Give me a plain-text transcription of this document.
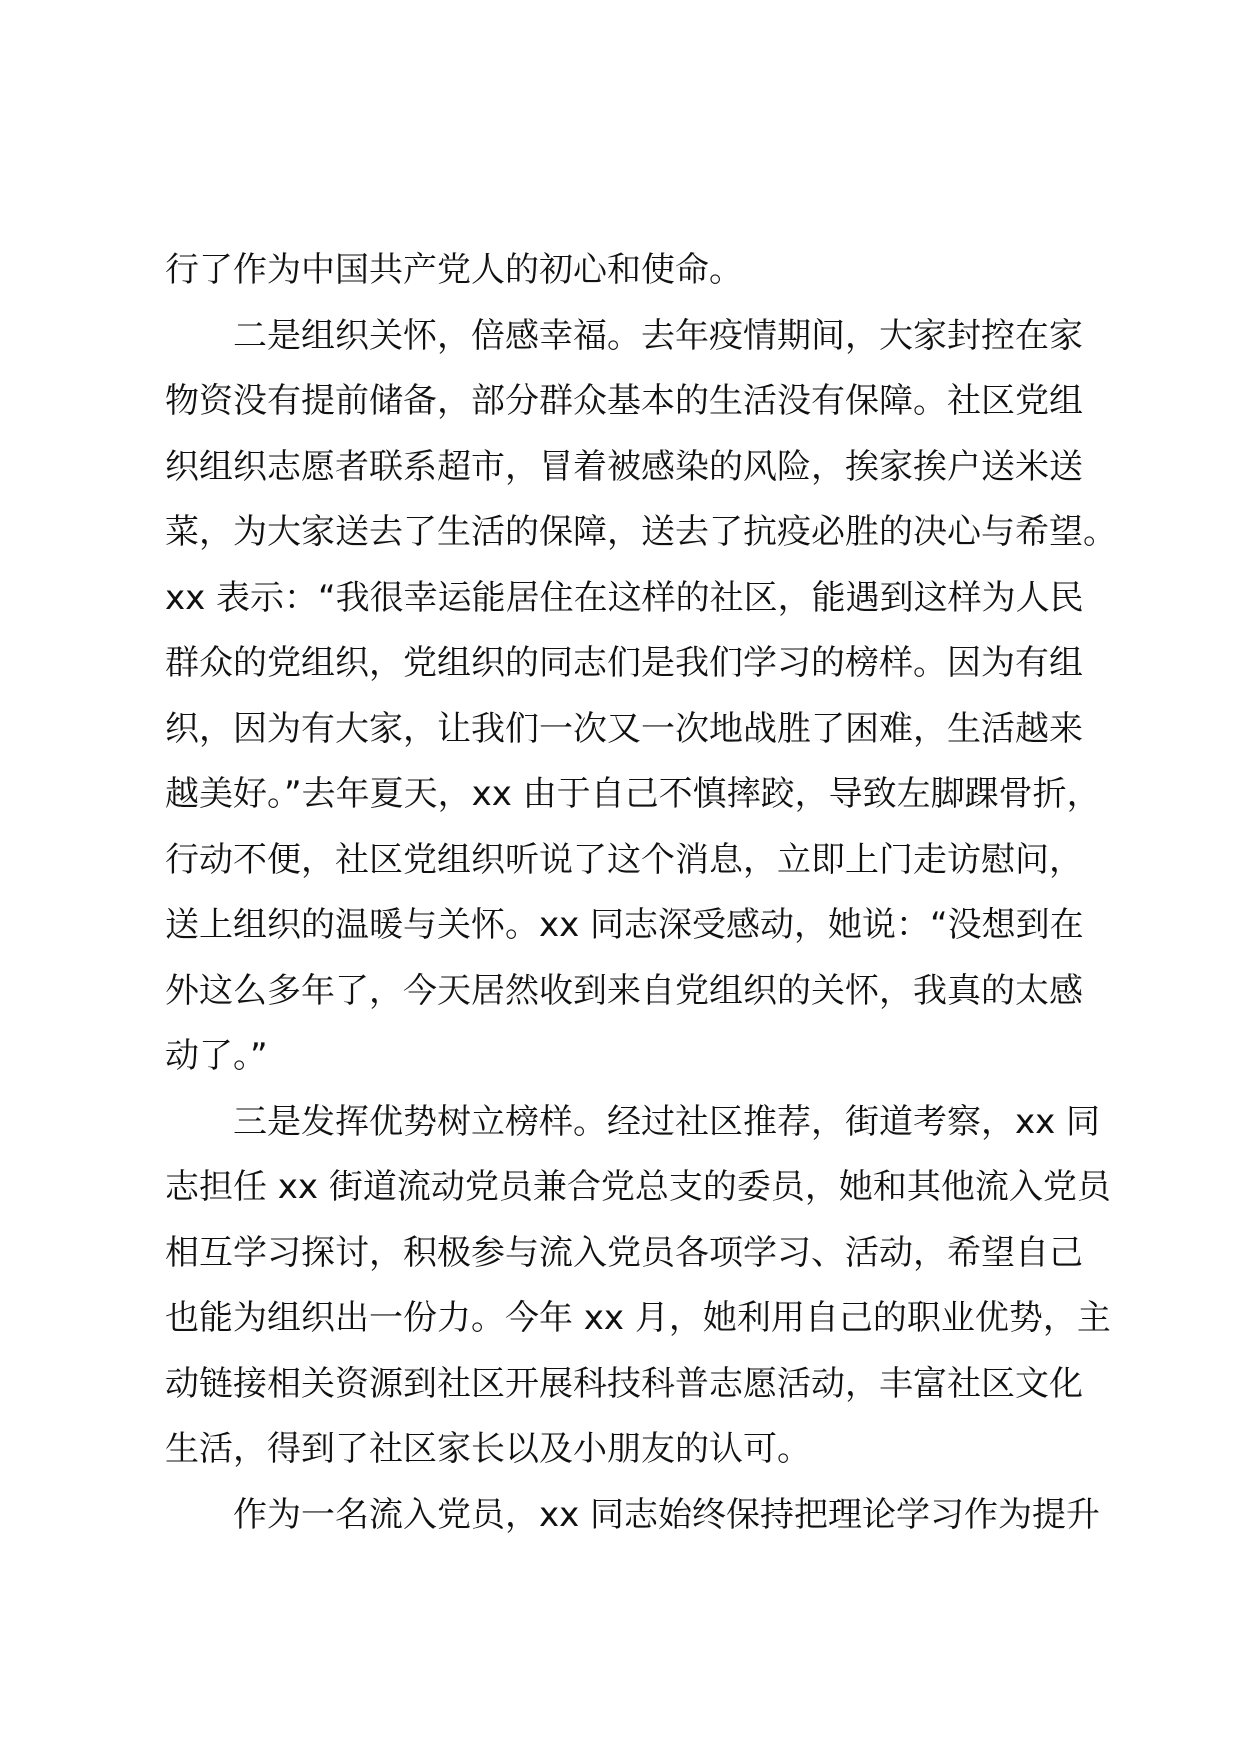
行了作为中国共产党人的初心和使命。
二是组织关怀，倍感幸福。去年疫情期间，大家封控在家
物资没有提前储备，部分群众基本的生活没有保障。社区党组
织组织志愿者联系超市，冒着被感染的风险，挨家挨户送米送
菜，为大家送去了生活的保障，送去了抗疫必胜的决心与希望。
xx 表示：“我很幸运能居住在这样的社区，能遇到这样为人民
群众的党组织，党组织的同志们是我们学习的榜样。因为有组
织，因为有大家，让我们一次又一次地战胜了困难，生活越来
越美好。”去年夏天，xx 由于自己不慎摔跤，导致左脚踝骨折，
行动不便，社区党组织听说了这个消息，立即上门走访慰问，
送上组织的温暖与关怀。xx 同志深受感动，她说：“没想到在
外这么多年了，今天居然收到来自党组织的关怀，我真的太感
动了。”
三是发挥优势树立榜样。经过社区推荐，街道考察，xx 同
志担任 xx 街道流动党员兼合党总支的委员，她和其他流入党员
相互学习探讨，积极参与流入党员各项学习、活动，希望自己
也能为组织出一份力。今年 xx 月，她利用自己的职业优势，主
动链接相关资源到社区开展科技科普志愿活动，丰富社区文化
生活，得到了社区家长以及小朋友的认可。
作为一名流入党员，xx 同志始终保持把理论学习作为提升
